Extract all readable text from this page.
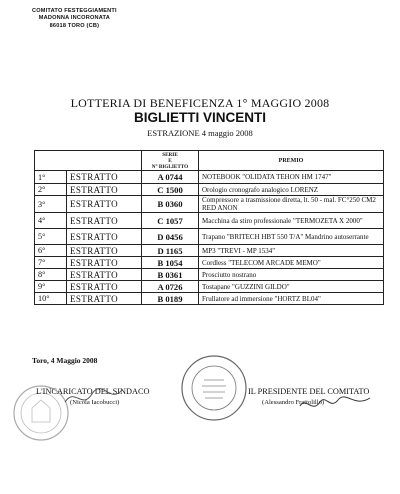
COMITATO FESTEGGIAMENTI
MADONNA INCORONATA
86018 TORO (CB)
LOTTERIA DI BENEFICENZA 1° MAGGIO 2008
BIGLIETTI VINCENTI
ESTRAZIONE 4 maggio 2008

		SERIE
E
N° BIGLIETTO	PREMIO
1°	ESTRATTO	A 0744	NOTEBOOK "OLIDATA TEHON HM 1747"
2°	ESTRATTO	C 1500	Orologio cronografo analogico LORENZ
3°	ESTRATTO	B 0360	Compressore a trasmissione diretta, lt. 50 - mal. FC°250 CM2 RED ANON
4°	ESTRATTO	C 1057	Macchina da stiro professionale "TERMOZETA X 2000"
5°	ESTRATTO	D 0456	Trapano "BRITECH HBT 550 T/A" Mandrino autoserrante
6°	ESTRATTO	D 1165	MP3 "TREVI - MP 1534"
7°	ESTRATTO	B 1054	Cordless "TELECOM ARCADE MEMO"
8°	ESTRATTO	B 0361	Prosciutto nostrano
9°	ESTRATTO	A 0726	Tostapane "GUZZINI GILDO"
10°	ESTRATTO	B 0189	Frullatore ad immersione "HORTZ BL04"
Toro, 4 Maggio 2008
L'INCARICATO DEL SINDACO
(Nicola Iacobucci)
IL PRESIDENTE DEL COMITATO
(Alessandro Frattolillo)
